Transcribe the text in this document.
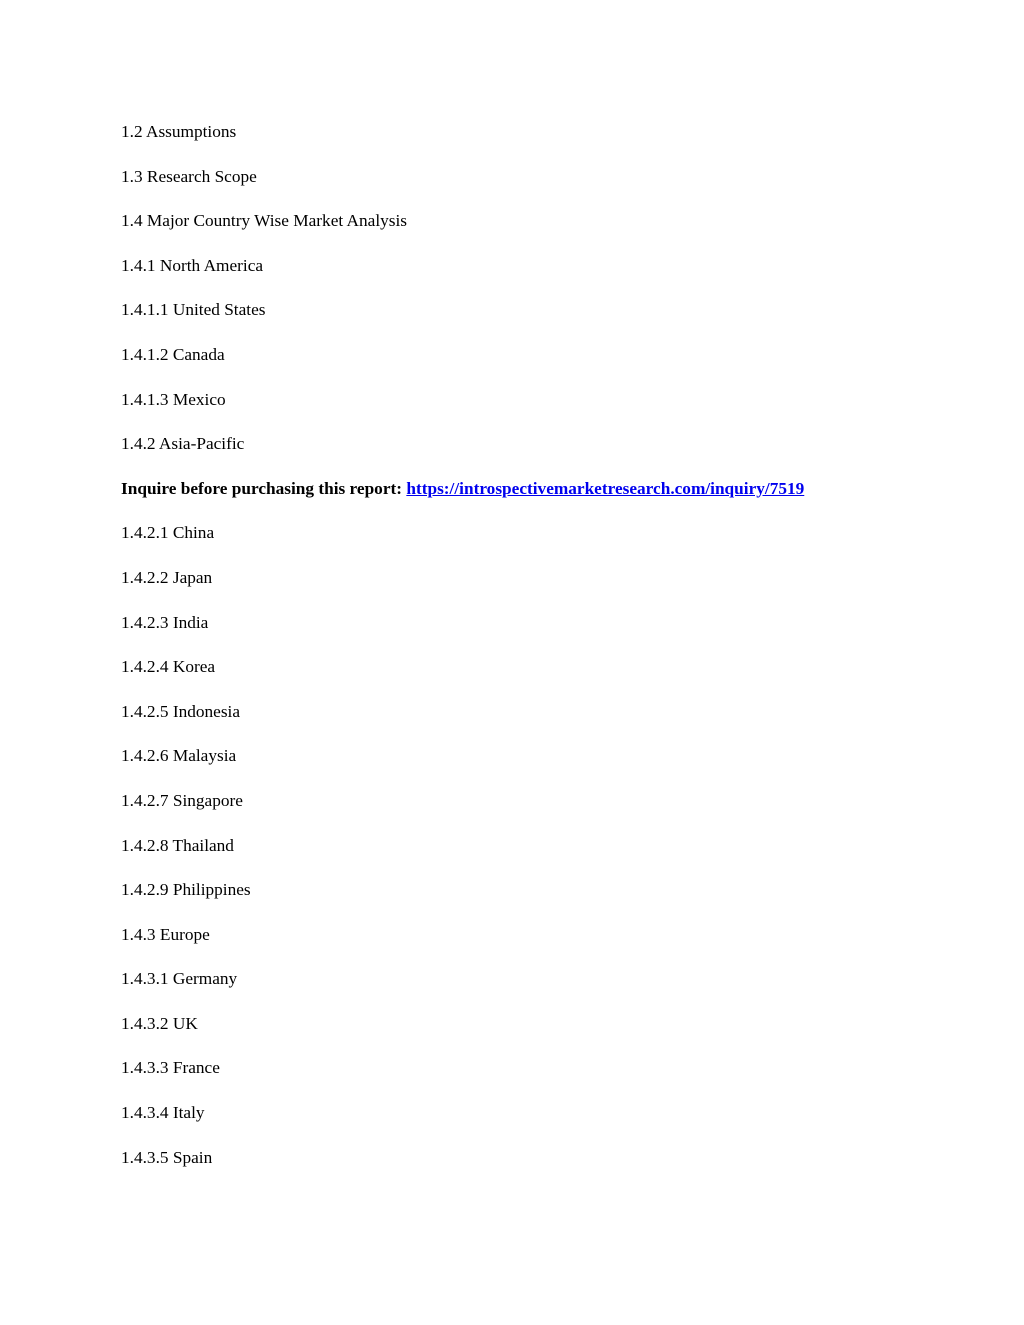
1.2 Assumptions
1.3 Research Scope
1.4 Major Country Wise Market Analysis
1.4.1 North America
1.4.1.1 United States
1.4.1.2 Canada
1.4.1.3 Mexico
1.4.2 Asia-Pacific
Inquire before purchasing this report: https://introspectivemarketresearch.com/inquiry/7519
1.4.2.1 China
1.4.2.2 Japan
1.4.2.3 India
1.4.2.4 Korea
1.4.2.5 Indonesia
1.4.2.6 Malaysia
1.4.2.7 Singapore
1.4.2.8 Thailand
1.4.2.9 Philippines
1.4.3 Europe
1.4.3.1 Germany
1.4.3.2 UK
1.4.3.3 France
1.4.3.4 Italy
1.4.3.5 Spain
